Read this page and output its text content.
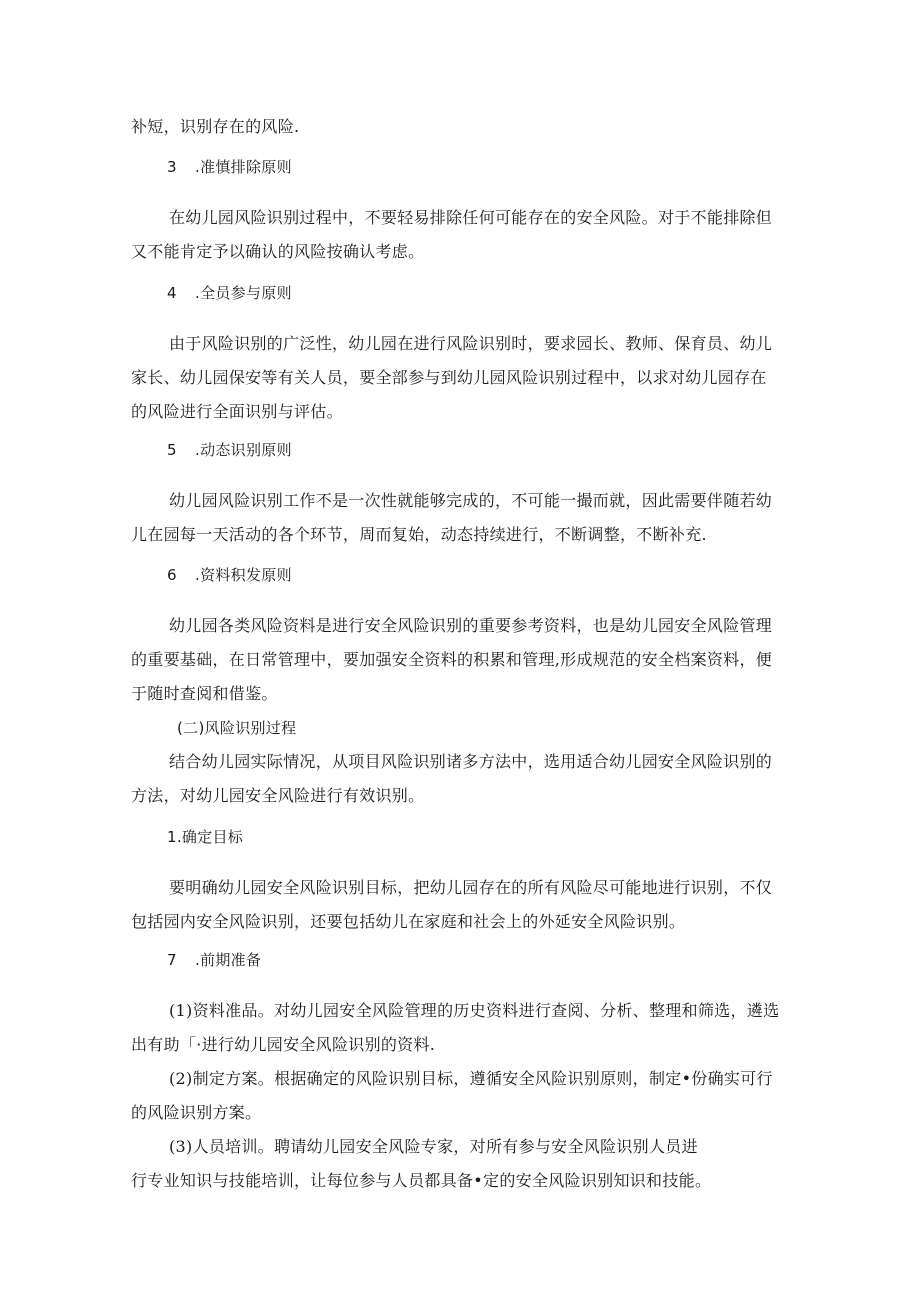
补短，识别存在的风险.
3 .准慎排除原则
在幼儿园风险识别过程中，不要轻易排除任何可能存在的安全风险。对于不能排除但
又不能肯定予以确认的风险按确认考虑。
4 .全员参与原则
由于风险识别的广泛性，幼儿园在进行风险识别时，要求园长、教师、保育员、幼儿
家长、幼儿园保安等有关人员，要全部参与到幼儿园风险识别过程中，以求对幼儿园存在
的风险进行全面识别与评估。
5 .动态识别原则
幼儿园风险识别工作不是一次性就能够完成的，不可能一撮而就，因此需要伴随若幼
儿在园每一天活动的各个环节，周而复始，动态持续进行，不断调整，不断补充.
6 .资料积发原则
幼儿园各类风险资料是进行安全风险识别的重要参考资料，也是幼儿园安全风险管理
的重要基础，在日常管理中，要加强安全资料的积累和管理,形成规范的安全档案资料，便
于随时查阅和借鉴。
(二)风险识别过程
结合幼儿园实际情况，从项目风险识别诸多方法中，选用适合幼儿园安全风险识别的
方法，对幼儿园安全风险进行有效识别。
1.确定目标
要明确幼儿园安全风险识别目标，把幼儿园存在的所有风险尽可能地进行识别，不仅
包括园内安全风险识别，还要包括幼儿在家庭和社会上的外延安全风险识别。
7 .前期准备
(1)资料准品。对幼儿园安全风险管理的历史资料进行查阅、分析、整理和筛选，遴选
出有助「·进行幼儿园安全风险识别的资料.
(2)制定方案。根据确定的风险识别目标，遵循安全风险识别原则，制定•份确实可行
的风险识别方案。
(3)人员培训。聘请幼儿园安全风险专家，对所有参与安全风险识别人员进
行专业知识与技能培训，让每位参与人员都具备•定的安全风险识别知识和技能。
